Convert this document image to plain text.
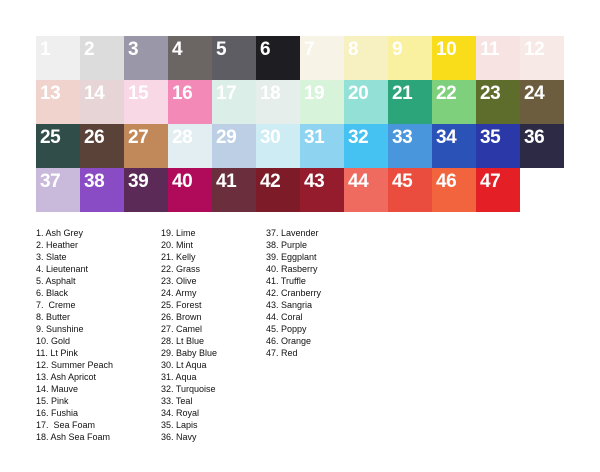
1 2 3 4 5 6 7 8 9 10 11 12
13 14 15 16 17 18 19 20 21 22 23 24
25 26 27 28 29 30 31 32 33 34 35 36
37 38 39 40 41 42 43 44 45 46 47
1. Ash Grey
2. Heather
3. Slate
4. Lieutenant
5. Asphalt
6. Black
7.  Creme
8. Butter
9. Sunshine
10. Gold
11. Lt Pink
12. Summer Peach
13. Ash Apricot
14. Mauve
15. Pink
16. Fushia
17.  Sea Foam
18. Ash Sea Foam
19. Lime
20. Mint
21. Kelly
22. Grass
23. Olive
24. Army
25. Forest
26. Brown
27. Camel
28. Lt Blue
29. Baby Blue
30. Lt Aqua
31. Aqua
32. Turquoise
33. Teal
34. Royal
35. Lapis
36. Navy
37. Lavender
38. Purple
39. Eggplant
40. Rasberry
41. Truffle
42. Cranberry
43. Sangria
44. Coral
45. Poppy
46. Orange
47. Red
